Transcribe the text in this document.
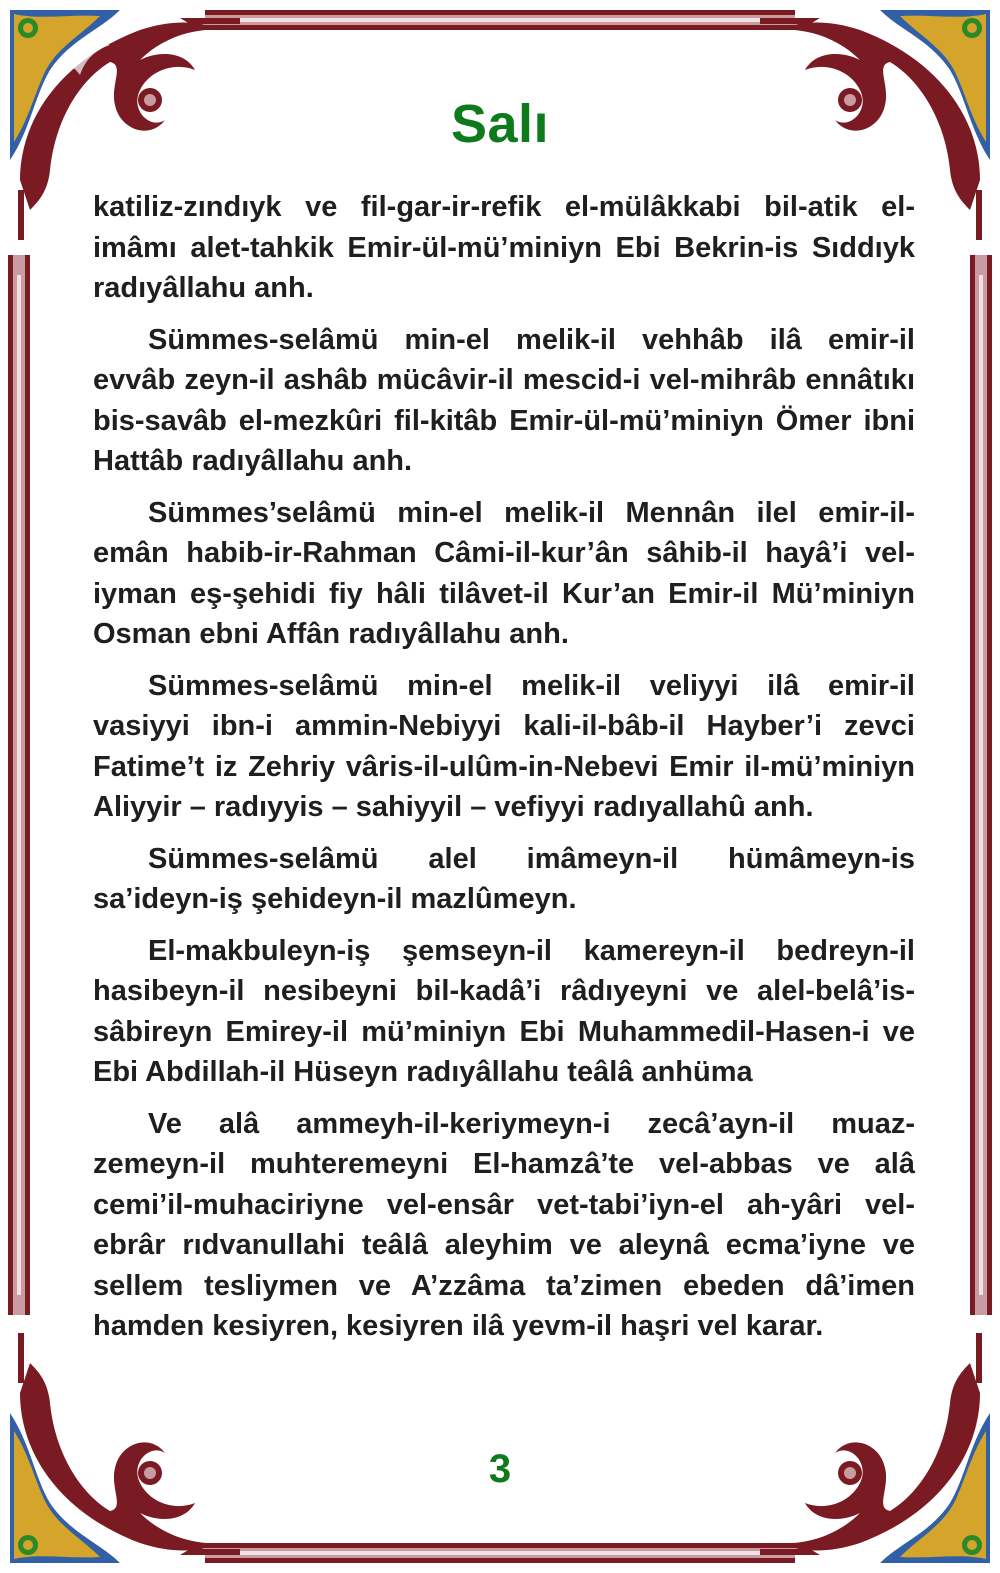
Salı

katiliz-zındıyk ve fil-gar-ir-refik el-mülâkkabi bil-atik el-imâmı alet-tahkik Emir-ül-mü’miniyn Ebi Bekrin-is Sıddıyk radıyâllahu anh.

Sümmes-selâmü min-el melik-il vehhâb ilâ emir-il evvâb zeyn-il ashâb mücâvir-il mescid-i vel-mihrâb ennâtıkı bis-savâb el-mezkûri fil-kitâb Emir-ül-mü’miniyn Ömer ibni Hattâb radıyâllahu anh.

Sümmes’selâmü min-el melik-il Mennân ilel emir-il-emân habib-ir-Rahman Câmi-il-kur’ân sâhib-il hayâ’i vel-iyman eş-şehidi fiy hâli tilâvet-il Kur’an Emir-il Mü’miniyn Osman ebni Affân radıyâllahu anh.

Sümmes-selâmü min-el melik-il veliyyi ilâ emir-il vasiyyi ibn-i ammin-Nebiyyi kali-il-bâb-il Hayber’i zevci Fatime’t iz Zehriy vâris-il-ulûm-in-Nebevi Emir il-mü’miniyn Aliyyir – radıyyis – sahiyyil – vefiyyi radıyallahû anh.

Sümmes-selâmü alel imâmeyn-il hümâmeyn-is sa’ideyn-iş şehideyn-il mazlûmeyn.

El-makbuleyn-iş şemseyn-il kamereyn-il bedreyn-il hasibeyn-il nesibeyni bil-kadâ’i râdıyeyni ve alel-belâ’is-sâbireyn Emirey-il mü’miniyn Ebi Muhammedil-Hasen-i ve Ebi Abdillah-il Hüseyn radıyâllahu teâlâ anhüma

Ve alâ ammeyh-il-keriymeyn-i zecâ’ayn-il muaz-zemeyn-il muhteremeyni El-hamzâ’te vel-abbas ve alâ cemi’il-muhaciriyne vel-ensâr vet-tabi’iyn-el ah-yâri vel-ebrâr rıdvanullahi teâlâ aleyhim ve aleynâ ecma’iyne ve sellem tesliymen ve A’zzâma ta’zimen ebeden dâ’imen hamden kesiyren, kesiyren ilâ yevm-il haşri vel karar.

3
